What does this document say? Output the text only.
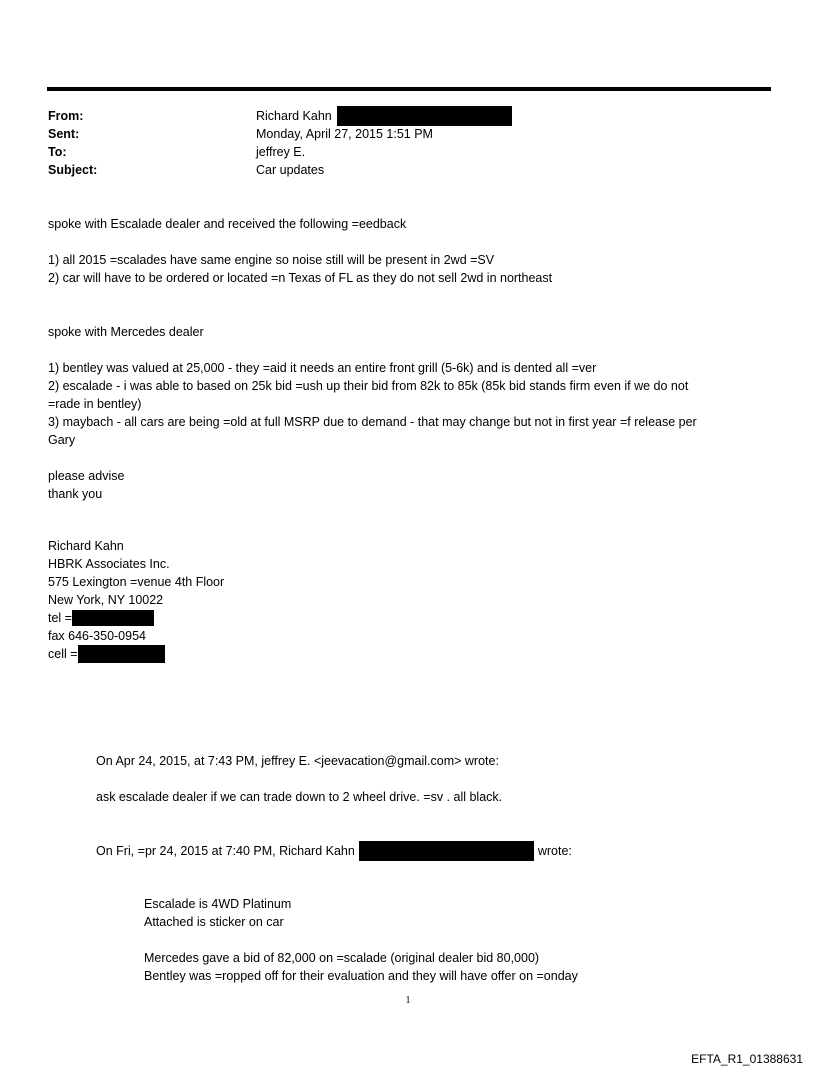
From:	Richard Kahn
Sent:	Monday, April 27, 2015 1:51 PM
To:	jeffrey E.
Subject:	Car updates

spoke with Escalade dealer and received the following =eedback

1) all 2015 =scalades have same engine so noise still will be present in 2wd =SV

2) car will have to be ordered or located =n Texas of FL as they do not sell 2wd in northeast

spoke with Mercedes dealer

1) bentley was valued at 25,000 - they =aid it needs an entire front grill (5-6k) and is dented all =ver

2) escalade - i was able to based on 25k bid =ush up their bid from 82k to 85k (85k bid stands firm even if we do not

=rade in bentley)

3) maybach - all cars are being =old at full MSRP due to demand - that may change but not in first year =f release per

Gary

please advise

thank you

Richard Kahn
HBRK Associates Inc.
575 Lexington =venue 4th Floor
New York, NY 10022
tel =
fax 646-350-0954
cell =
On Apr 24, 2015, at 7:43 PM, jeffrey E. <jeevacation@gmail.com> wrote:
ask escalade dealer if we can trade down to 2 wheel drive. =sv . all black.
On Fri, =pr 24, 2015 at 7:40 PM, Richard Kahn	wrote:
Escalade is 4WD Platinum
Attached is sticker on car
Mercedes gave a bid of 82,000 on =scalade (original dealer bid 80,000)
Bentley was =ropped off for their evaluation and they will have offer on =onday
1
EFTA_R1_01388631
